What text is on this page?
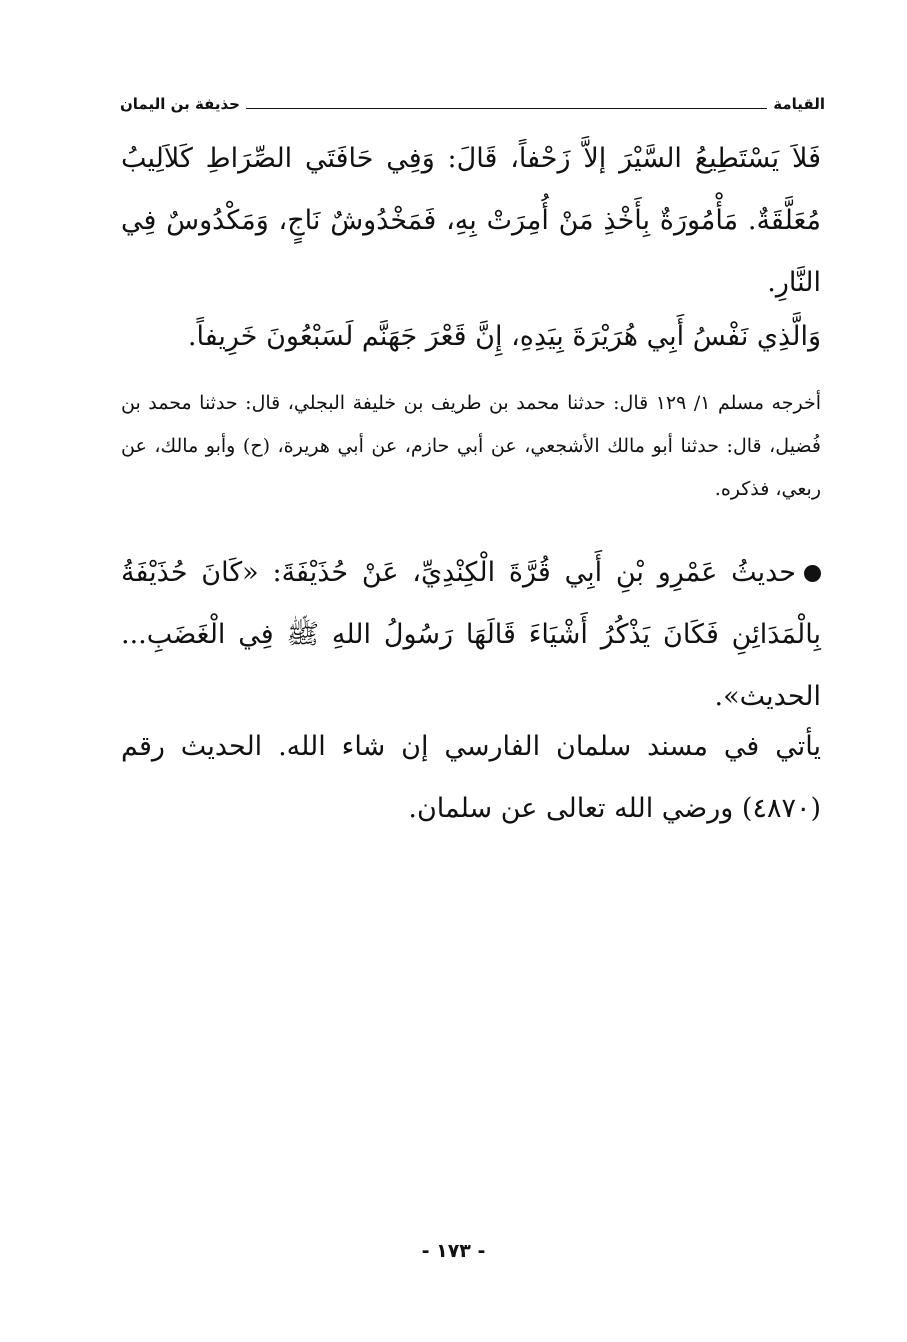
القيامة
حذيفة بن اليمان

فَلاَ يَسْتَطِيعُ السَّيْرَ إلاَّ زَحْفاً، قَالَ: وَفِي حَافَتَي الصِّرَاطِ كَلاَلِيبُ مُعَلَّقَةٌ. مَأْمُورَةٌ بِأَخْذِ مَنْ أُمِرَتْ بِهِ، فَمَخْدُوشٌ نَاجٍ، وَمَكْدُوسٌ فِي النَّارِ.

وَالَّذِي نَفْسُ أَبِي هُرَيْرَةَ بِيَدِهِ، إِنَّ قَعْرَ جَهَنَّم لَسَبْعُونَ خَرِيفاً.

أخرجه مسلم ١/ ١٢٩ قال: حدثنا محمد بن طريف بن خليفة البجلي، قال: حدثنا محمد بن فُضيل، قال: حدثنا أبو مالك الأشجعي، عن أبي حازم، عن أبي هريرة، (ح) وأبو مالك، عن ربعي، فذكره.

حديثُ عَمْرِو بْنِ أَبِي قُرَّةَ الْكِنْدِيِّ، عَنْ حُذَيْفَةَ: «كَانَ حُذَيْفَةُ بِالْمَدَائِنِ فَكَانَ يَذْكُرُ أَشْيَاءَ قَالَهَا رَسُولُ اللهِ ﷺ فِي الْغَضَبِ... الحديث».

يأتي في مسند سلمان الفارسي إن شاء الله. الحديث رقم (٤٨٧٠) ورضي الله تعالى عن سلمان.

- ١٧٣ -
